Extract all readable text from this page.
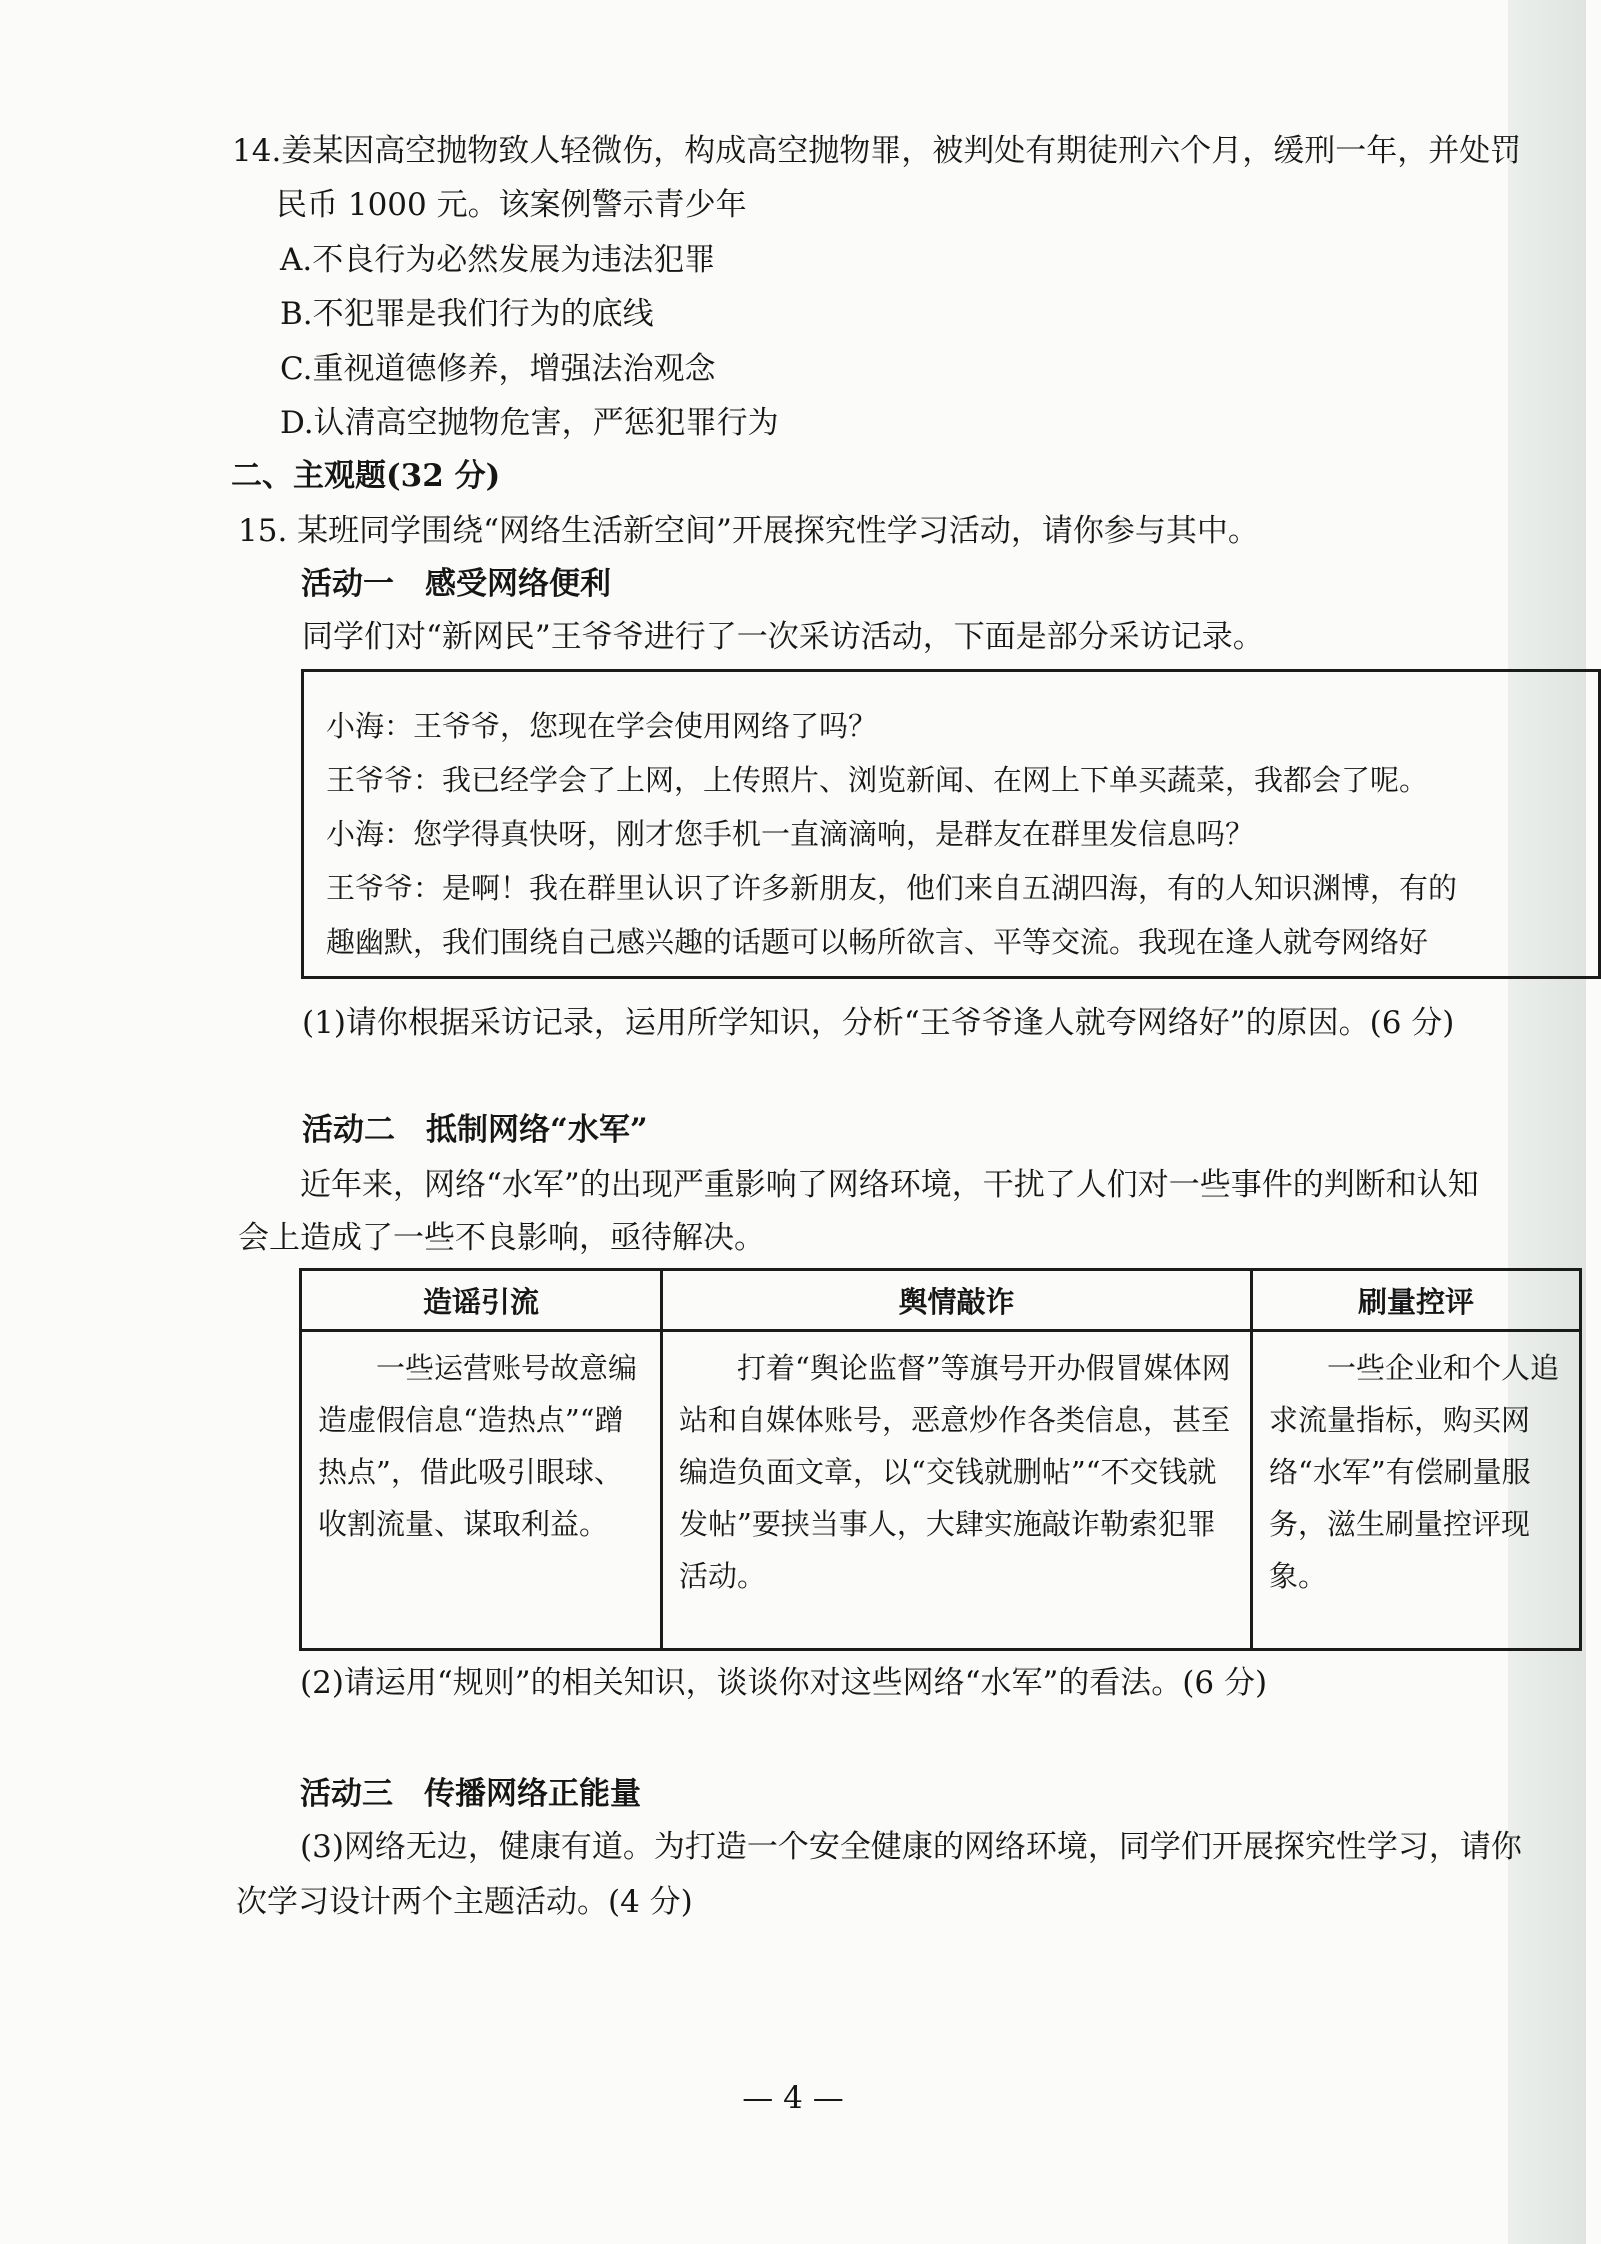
14.姜某因高空抛物致人轻微伤，构成高空抛物罪，被判处有期徒刑六个月，缓刑一年，并处罚
民币 1000 元。该案例警示青少年
A.不良行为必然发展为违法犯罪
B.不犯罪是我们行为的底线
C.重视道德修养，增强法治观念
D.认清高空抛物危害，严惩犯罪行为
二、主观题(32 分)
15. 某班同学围绕“网络生活新空间”开展探究性学习活动，请你参与其中。
活动一　感受网络便利
同学们对“新网民”王爷爷进行了一次采访活动，下面是部分采访记录。
小海：王爷爷，您现在学会使用网络了吗？
王爷爷：我已经学会了上网，上传照片、浏览新闻、在网上下单买蔬菜，我都会了呢。
小海：您学得真快呀，刚才您手机一直滴滴响，是群友在群里发信息吗？
王爷爷：是啊！我在群里认识了许多新朋友，他们来自五湖四海，有的人知识渊博，有的
趣幽默，我们围绕自己感兴趣的话题可以畅所欲言、平等交流。我现在逢人就夸网络好
(1)请你根据采访记录，运用所学知识，分析“王爷爷逢人就夸网络好”的原因。(6 分)
活动二　抵制网络“水军”
近年来，网络“水军”的出现严重影响了网络环境，干扰了人们对一些事件的判断和认知
会上造成了一些不良影响，亟待解决。
造谣引流	舆情敲诈	刷量控评

一些运营账号故意编造虚假信息“造热点”“蹭热点”，借此吸引眼球、收割流量、谋取利益。	打着“舆论监督”等旗号开办假冒媒体网站和自媒体账号，恶意炒作各类信息，甚至编造负面文章，以“交钱就删帖”“不交钱就发帖”要挟当事人，大肆实施敲诈勒索犯罪活动。	一些企业和个人追求流量指标，购买网络“水军”有偿刷量服务，滋生刷量控评现象。
(2)请运用“规则”的相关知识，谈谈你对这些网络“水军”的看法。(6 分)
活动三　传播网络正能量
(3)网络无边，健康有道。为打造一个安全健康的网络环境，同学们开展探究性学习，请你
次学习设计两个主题活动。(4 分)
— 4 —
